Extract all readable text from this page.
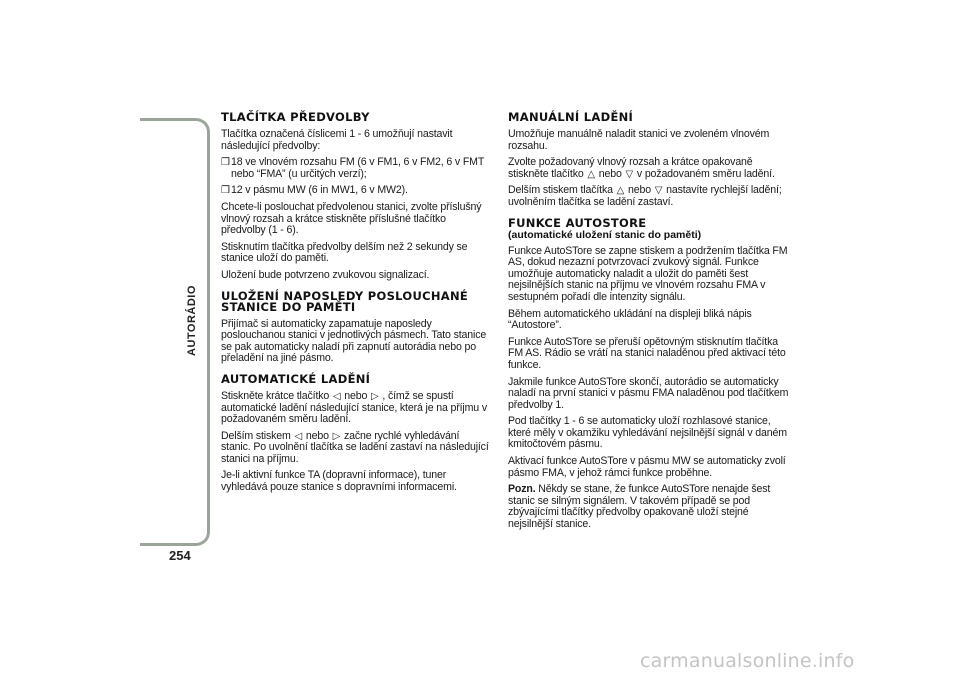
AUTORÁDIO
254
TLAČÍTKA PŘEDVOLBY

Tlačítka označená číslicemi 1 - 6 umožňují nastavit následující předvolby:

❒ 18 ve vlnovém rozsahu FM (6 v FM1, 6 v FM2, 6 v FMT nebo “FMA” (u určitých verzí);
❒ 12 v pásmu MW (6 in MW1, 6 v MW2).

Chcete-li poslouchat předvolenou stanici, zvolte příslušný vlnový rozsah a krátce stiskněte příslušné tlačítko předvolby (1 - 6).

Stisknutím tlačítka předvolby delším než 2 sekundy se stanice uloží do paměti.

Uložení bude potvrzeno zvukovou signalizací.

ULOŽENÍ NAPOSLEDY POSLOUCHANÉ STANICE DO PAMĚTI

Přijímač si automaticky zapamatuje naposledy poslouchanou stanici v jednotlivých pásmech. Tato stanice se pak automaticky naladí při zapnutí autorádia nebo po přeladění na jiné pásmo.

AUTOMATICKÉ LADĚNÍ

Stiskněte krátce tlačítko ◁ nebo ▷ , čímž se spustí automatické ladění následující stanice, která je na příjmu v požadovaném směru ladění.

Delším stiskem ◁ nebo ▷ začne rychlé vyhledávání stanic. Po uvolnění tlačítka se ladění zastaví na následující stanici na příjmu.

Je-li aktivní funkce TA (dopravní informace), tuner vyhledává pouze stanice s dopravními informacemi.

MANUÁLNÍ LADĚNÍ

Umožňuje manuálně naladit stanici ve zvoleném vlnovém rozsahu.

Zvolte požadovaný vlnový rozsah a krátce opakovaně stiskněte tlačítko △ nebo ▽ v požadovaném směru ladění.

Delším stiskem tlačítka △ nebo ▽ nastavíte rychlejší ladění; uvolněním tlačítka se ladění zastaví.

FUNKCE AUTOSTORE
(automatické uložení stanic do paměti)

Funkce AutoSTore se zapne stiskem a podržením tlačítka FM AS, dokud nezazní potvrzovací zvukový signál. Funkce umožňuje automaticky naladit a uložit do paměti šest nejsilnějších stanic na příjmu ve vlnovém rozsahu FMA v sestupném pořadí dle intenzity signálu.

Během automatického ukládání na displeji bliká nápis “Autostore”.

Funkce AutoSTore se přeruší opětovným stisknutím tlačítka FM AS. Rádio se vrátí na stanici naladěnou před aktivací této funkce.

Jakmile funkce AutoSTore skončí, autorádio se automaticky naladí na první stanici v pásmu FMA naladěnou pod tlačítkem předvolby 1.

Pod tlačítky 1 - 6 se automaticky uloží rozhlasové stanice, které měly v okamžiku vyhledávání nejsilnější signál v daném kmitočtovém pásmu.

Aktivací funkce AutoSTore v pásmu MW se automaticky zvolí pásmo FMA, v jehož rámci funkce proběhne.

Pozn. Někdy se stane, že funkce AutoSTore nenajde šest stanic se silným signálem. V takovém případě se pod zbývajícími tlačítky předvolby opakovaně uloží stejné nejsilnější stanice.

carmanualsonline.info
